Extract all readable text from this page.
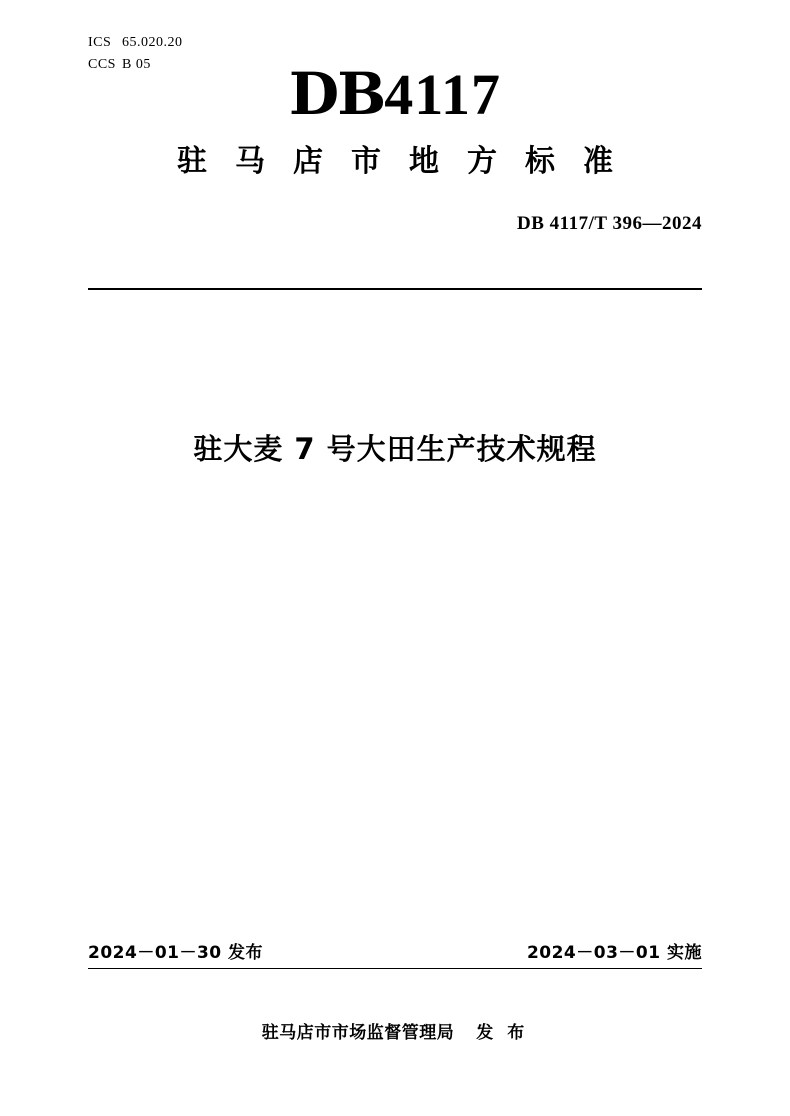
ICS 65.020.20
CCS B 05	DB4117
驻马店市地方标准
DB 4117/T 396—2024
驻大麦 7 号大田生产技术规程
2024－01－30 发布	2024－03－01 实施
驻马店市市场监督管理局 发 布
